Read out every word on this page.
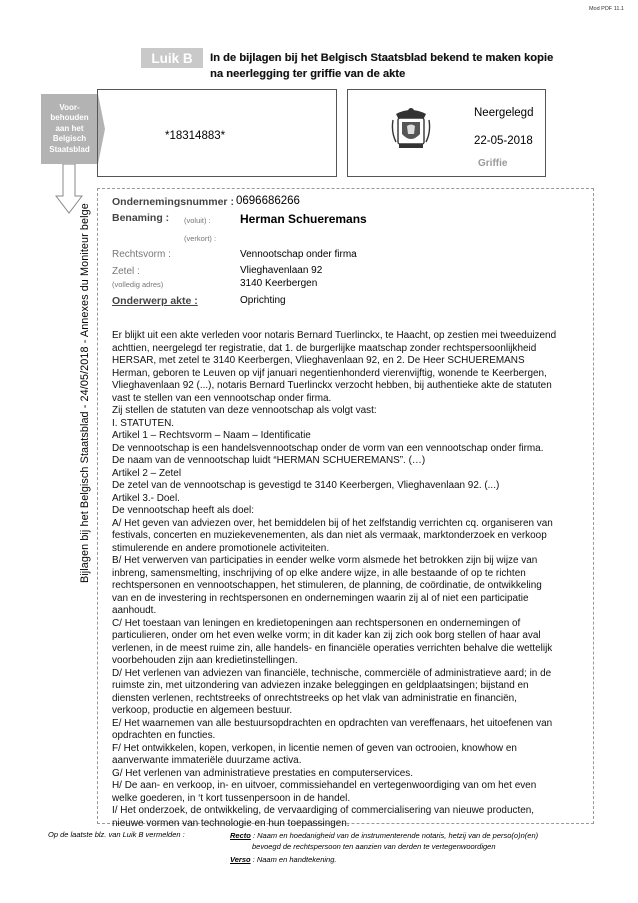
Mod PDF 11.1
Luik B	In de bijlagen bij het Belgisch Staatsblad bekend te maken kopie
na neerlegging ter griffie van de akte
Voor-
behouden
aan het
Belgisch
Staatsblad
*18314883*
Neergelegd
22-05-2018
Griffie
Bijlagen bij het Belgisch Staatsblad - 24/05/2018 - Annexes du Moniteur belge
Ondernemingsnummer : 0696686266
Benaming : (voluit) : Herman Schueremans
(verkort) :
Rechtsvorm :	Vennootschap onder firma
Zetel :
(volledig adres)
Vlieghavenlaan 92
3140 Keerbergen
Onderwerp akte :	Oprichting

Er blijkt uit een akte verleden voor notaris Bernard Tuerlinckx, te Haacht, op zestien mei tweeduizend

achttien, neergelegd ter registratie, dat 1. de burgerlijke maatschap zonder rechtspersoonlijkheid

HERSAR, met zetel te 3140 Keerbergen, Vlieghavenlaan 92, en 2. De Heer SCHUEREMANS

Herman, geboren te Leuven op vijf januari negentienhonderd vierenvijftig, wonende te Keerbergen,

Vlieghavenlaan 92 (...), notaris Bernard Tuerlinckx verzocht hebben, bij authentieke akte de statuten

vast te stellen van een vennootschap onder firma.

Zij stellen de statuten van deze vennootschap als volgt vast:

I. STATUTEN.

Artikel 1 – Rechtsvorm – Naam – Identificatie

De vennootschap is een handelsvennootschap onder de vorm van een vennootschap onder firma.

De naam van de vennootschap luidt “HERMAN SCHUEREMANS”. (…)

Artikel 2 – Zetel

De zetel van de vennootschap is gevestigd te 3140 Keerbergen, Vlieghavenlaan 92. (...)

Artikel 3.- Doel.

De vennootschap heeft als doel:

A/ Het geven van adviezen over, het bemiddelen bij of het zelfstandig verrichten cq. organiseren van

festivals, concerten en muziekevenementen, als dan niet als vermaak, marktonderzoek en verkoop

stimulerende en andere promotionele activiteiten.

B/ Het verwerven van participaties in eender welke vorm alsmede het betrokken zijn bij wijze van

inbreng, samensmelting, inschrijving of op elke andere wijze, in alle bestaande of op te richten

rechtspersonen en vennootschappen, het stimuleren, de planning, de coördinatie, de ontwikkeling

van en de investering in rechtspersonen en ondernemingen waarin zij al of niet een participatie

aanhoudt.

C/ Het toestaan van leningen en kredietopeningen aan rechtspersonen en ondernemingen of

particulieren, onder om het even welke vorm; in dit kader kan zij zich ook borg stellen of haar aval

verlenen, in de meest ruime zin, alle handels- en financiële operaties verrichten behalve die wettelijk

voorbehouden zijn aan kredietinstellingen.

D/ Het verlenen van adviezen van financiële, technische, commerciële of administratieve aard; in de

ruimste zin, met uitzondering van adviezen inzake beleggingen en geldplaatsingen; bijstand en

diensten verlenen, rechtstreeks of onrechtstreeks op het vlak van administratie en financiën,

verkoop, productie en algemeen bestuur.

E/ Het waarnemen van alle bestuursopdrachten en opdrachten van vereffenaars, het uitoefenen van

opdrachten en functies.

F/ Het ontwikkelen, kopen, verkopen, in licentie nemen of geven van octrooien, knowhow en

aanverwante immateriële duurzame activa.

G/ Het verlenen van administratieve prestaties en computerservices.

H/ De aan- en verkoop, in- en uitvoer, commissiehandel en vertegenwoordiging van om het even

welke goederen, in ‘t kort tussenpersoon in de handel.

I/ Het onderzoek, de ontwikkeling, de vervaardiging of commercialisering van nieuwe producten,

nieuwe vormen van technologie en hun toepassingen.

Op de laatste blz. van Luik B vermelden :	Recto : Naam en hoedanigheid van de instrumenterende notaris, hetzij van de perso(o)n(en)
bevoegd de rechtspersoon ten aanzien van derden te vertegenwoordigen
Verso : Naam en handtekening.
